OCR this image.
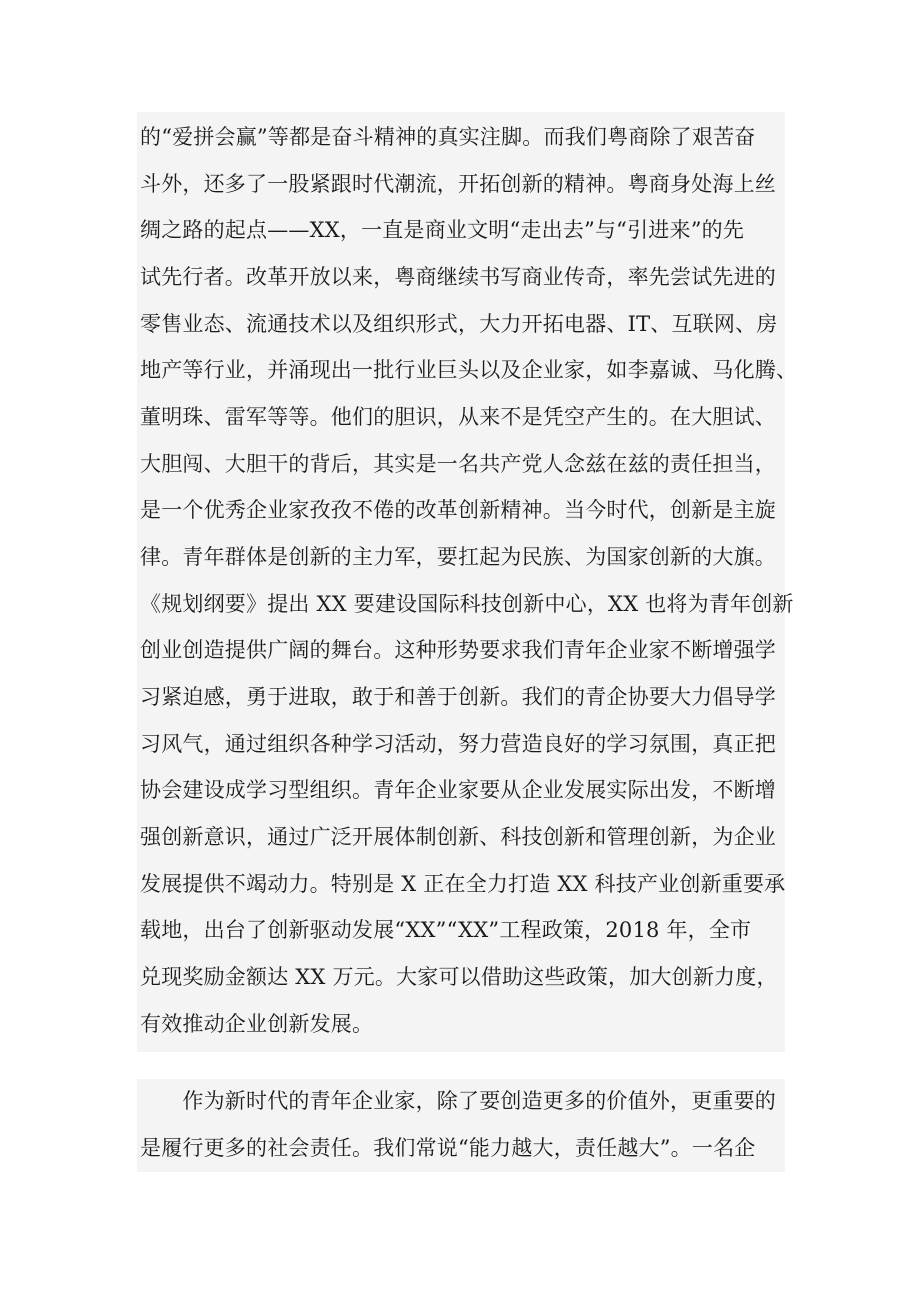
的“爱拼会赢”等都是奋斗精神的真实注脚。而我们粤商除了艰苦奋
斗外，还多了一股紧跟时代潮流，开拓创新的精神。粤商身处海上丝
绸之路的起点——XX，一直是商业文明“走出去”与“引进来”的先
试先行者。改革开放以来，粤商继续书写商业传奇，率先尝试先进的
零售业态、流通技术以及组织形式，大力开拓电器、IT、互联网、房
地产等行业，并涌现出一批行业巨头以及企业家，如李嘉诚、马化腾、
董明珠、雷军等等。他们的胆识，从来不是凭空产生的。在大胆试、
大胆闯、大胆干的背后，其实是一名共产党人念兹在兹的责任担当，
是一个优秀企业家孜孜不倦的改革创新精神。当今时代，创新是主旋
律。青年群体是创新的主力军，要扛起为民族、为国家创新的大旗。
《规划纲要》提出 XX 要建设国际科技创新中心，XX 也将为青年创新
创业创造提供广阔的舞台。这种形势要求我们青年企业家不断增强学
习紧迫感，勇于进取，敢于和善于创新。我们的青企协要大力倡导学
习风气，通过组织各种学习活动，努力营造良好的学习氛围，真正把
协会建设成学习型组织。青年企业家要从企业发展实际出发，不断增
强创新意识，通过广泛开展体制创新、科技创新和管理创新，为企业
发展提供不竭动力。特别是 X 正在全力打造 XX 科技产业创新重要承
载地，出台了创新驱动发展“XX”“XX”工程政策，2018 年，全市
兑现奖励金额达 XX 万元。大家可以借助这些政策，加大创新力度，
有效推动企业创新发展。
　　作为新时代的青年企业家，除了要创造更多的价值外，更重要的
是履行更多的社会责任。我们常说“能力越大，责任越大”。一名企
